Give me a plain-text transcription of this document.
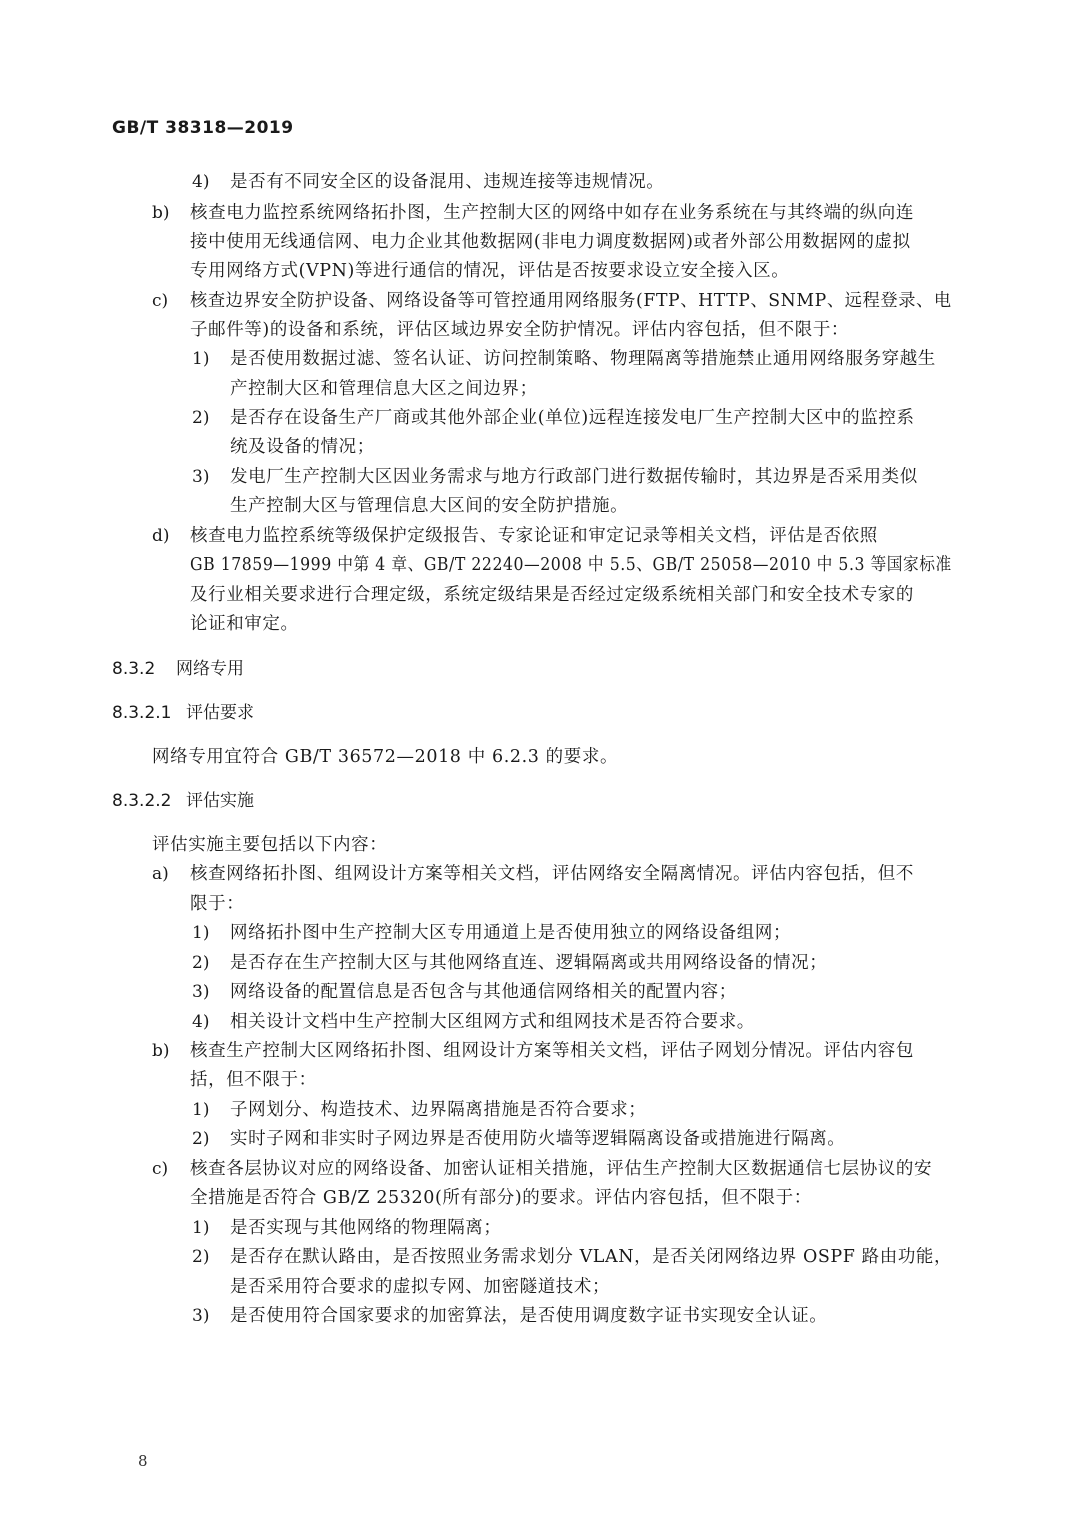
GB/T 38318—2019
4) 是否有不同安全区的设备混用、违规连接等违规情况。
b) 核查电力监控系统网络拓扑图，生产控制大区的网络中如存在业务系统在与其终端的纵向连
接中使用无线通信网、电力企业其他数据网(非电力调度数据网)或者外部公用数据网的虚拟
专用网络方式(VPN)等进行通信的情况，评估是否按要求设立安全接入区。
c) 核查边界安全防护设备、网络设备等可管控通用网络服务(FTP、HTTP、SNMP、远程登录、电
子邮件等)的设备和系统，评估区域边界安全防护情况。评估内容包括，但不限于：
1) 是否使用数据过滤、签名认证、访问控制策略、物理隔离等措施禁止通用网络服务穿越生
产控制大区和管理信息大区之间边界；
2) 是否存在设备生产厂商或其他外部企业(单位)远程连接发电厂生产控制大区中的监控系
统及设备的情况；
3) 发电厂生产控制大区因业务需求与地方行政部门进行数据传输时，其边界是否采用类似
生产控制大区与管理信息大区间的安全防护措施。
d) 核查电力监控系统等级保护定级报告、专家论证和审定记录等相关文档，评估是否依照
GB 17859—1999 中第 4 章、GB/T 22240—2008 中 5.5、GB/T 25058—2010 中 5.3 等国家标准
及行业相关要求进行合理定级，系统定级结果是否经过定级系统相关部门和安全技术专家的
论证和审定。
8.3.2 网络专用
8.3.2.1 评估要求
网络专用宜符合 GB/T 36572—2018 中 6.2.3 的要求。
8.3.2.2 评估实施
评估实施主要包括以下内容：
a) 核查网络拓扑图、组网设计方案等相关文档，评估网络安全隔离情况。评估内容包括，但不
限于：
1) 网络拓扑图中生产控制大区专用通道上是否使用独立的网络设备组网；
2) 是否存在生产控制大区与其他网络直连、逻辑隔离或共用网络设备的情况；
3) 网络设备的配置信息是否包含与其他通信网络相关的配置内容；
4) 相关设计文档中生产控制大区组网方式和组网技术是否符合要求。
b) 核查生产控制大区网络拓扑图、组网设计方案等相关文档，评估子网划分情况。评估内容包
括，但不限于：
1) 子网划分、构造技术、边界隔离措施是否符合要求；
2) 实时子网和非实时子网边界是否使用防火墙等逻辑隔离设备或措施进行隔离。
c) 核查各层协议对应的网络设备、加密认证相关措施，评估生产控制大区数据通信七层协议的安
全措施是否符合 GB/Z 25320(所有部分)的要求。评估内容包括，但不限于：
1) 是否实现与其他网络的物理隔离；
2) 是否存在默认路由，是否按照业务需求划分 VLAN，是否关闭网络边界 OSPF 路由功能，
是否采用符合要求的虚拟专网、加密隧道技术；
3) 是否使用符合国家要求的加密算法，是否使用调度数字证书实现安全认证。
8
